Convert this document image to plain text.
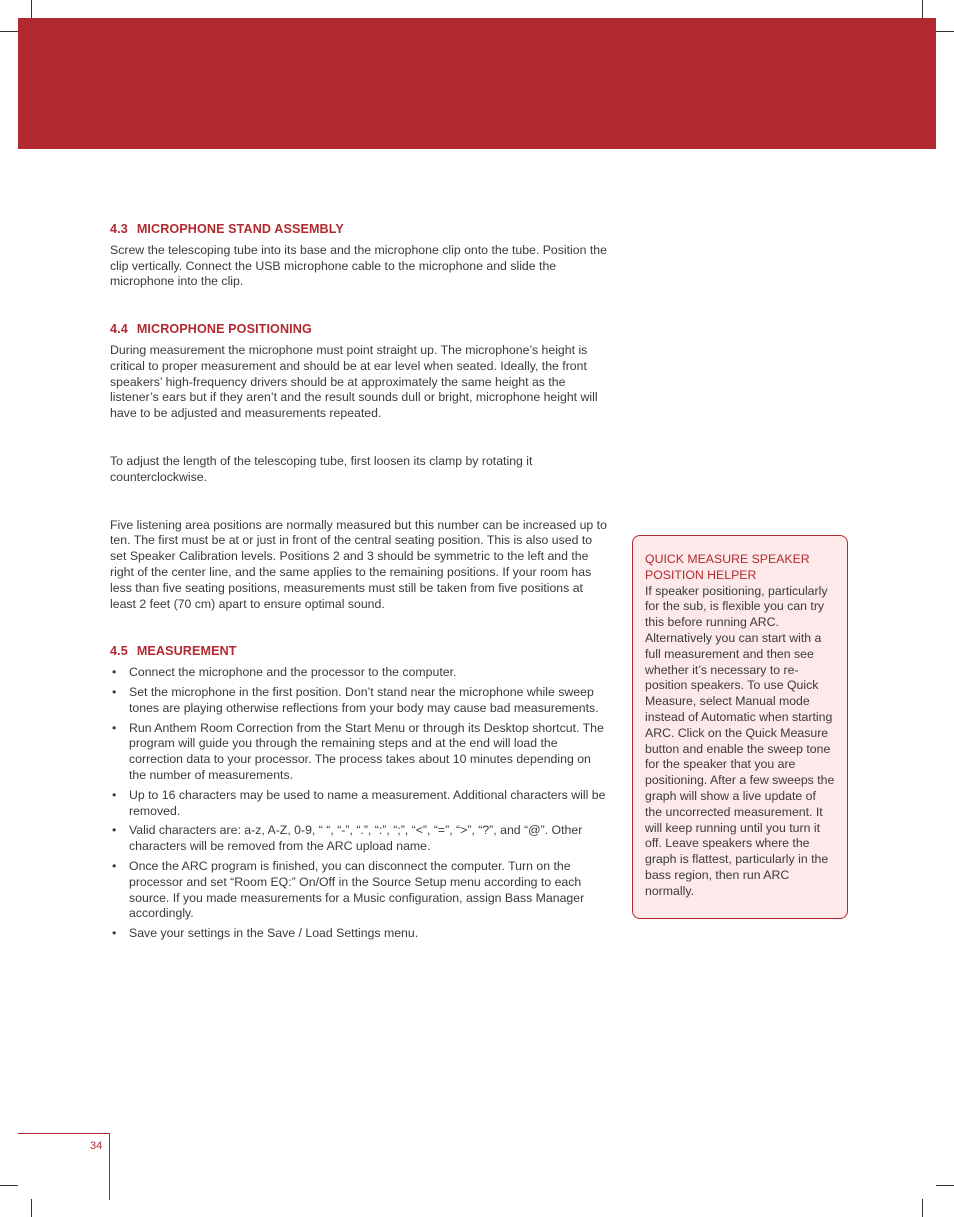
4.3 MICROPHONE STAND ASSEMBLY

Screw the telescoping tube into its base and the microphone clip onto the tube. Position the clip vertically. Connect the USB microphone cable to the microphone and slide the microphone into the clip.

4.4 MICROPHONE POSITIONING

During measurement the microphone must point straight up. The microphone’s height is critical to proper measurement and should be at ear level when seated. Ideally, the front speakers’ high-frequency drivers should be at approximately the same height as the listener’s ears but if they aren’t and the result sounds dull or bright, microphone height will have to be adjusted and measurements repeated.

To adjust the length of the telescoping tube, first loosen its clamp by rotating it counterclockwise.

Five listening area positions are normally measured but this number can be increased up to ten. The first must be at or just in front of the central seating position. This is also used to set Speaker Calibration levels. Positions 2 and 3 should be symmetric to the left and the right of the center line, and the same applies to the remaining positions. If your room has less than five seating positions, measurements must still be taken from five positions at least 2 feet (70 cm) apart to ensure optimal sound.

4.5 MEASUREMENT
• Connect the microphone and the processor to the computer.
• Set the microphone in the first position. Don’t stand near the microphone while sweep tones are playing otherwise reflections from your body may cause bad measurements.
• Run Anthem Room Correction from the Start Menu or through its Desktop shortcut. The program will guide you through the remaining steps and at the end will load the correction data to your processor. The process takes about 10 minutes depending on the number of measurements.
• Up to 16 characters may be used to name a measurement. Additional characters will be removed.
• Valid characters are: a-z, A-Z, 0-9, “ “, “-”, “.”, “:”, “;”, “<”, “=”, “>”, “?”, and “@”. Other characters will be removed from the ARC upload name.
• Once the ARC program is finished, you can disconnect the computer. Turn on the processor and set “Room EQ:” On/Off in the Source Setup menu according to each source. If you made measurements for a Music configuration, assign Bass Manager accordingly.
• Save your settings in the Save / Load Settings menu.

QUICK MEASURE SPEAKER POSITION HELPER

If speaker positioning, particularly for the sub, is flexible you can try this before running ARC. Alternatively you can start with a full measurement and then see whether it’s necessary to re-position speakers. To use Quick Measure, select Manual mode instead of Automatic when starting ARC. Click on the Quick Measure button and enable the sweep tone for the speaker that you are positioning. After a few sweeps the graph will show a live update of the uncorrected measurement. It will keep running until you turn it off. Leave speakers where the graph is flattest, particularly in the bass region, then run ARC normally.

34
